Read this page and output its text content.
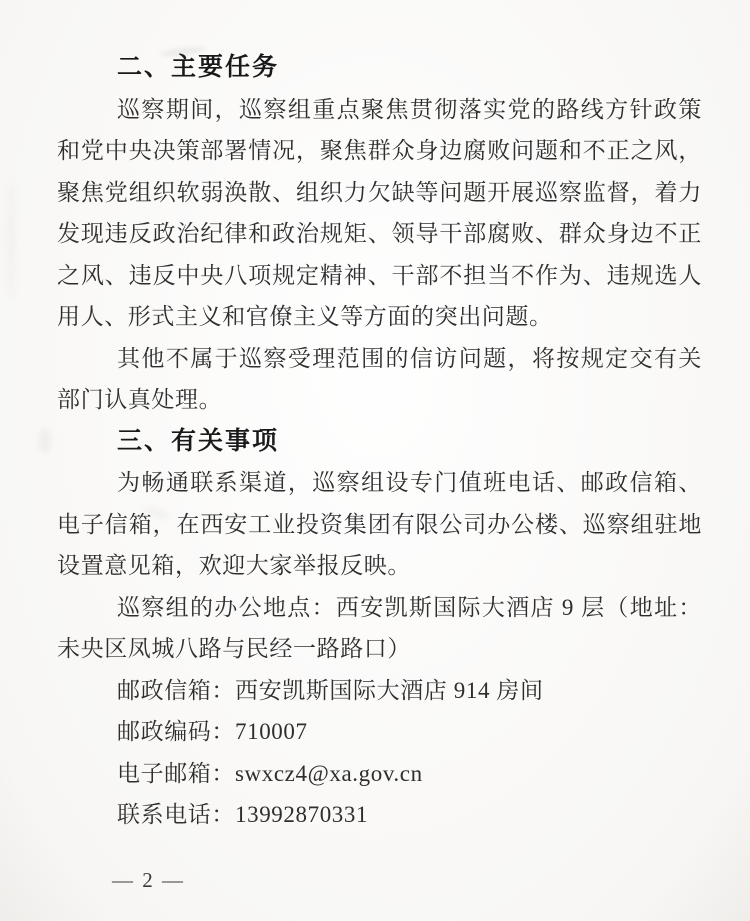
二、主要任务
巡察期间，巡察组重点聚焦贯彻落实党的路线方针政策和党中央决策部署情况，聚焦群众身边腐败问题和不正之风，聚焦党组织软弱涣散、组织力欠缺等问题开展巡察监督，着力发现违反政治纪律和政治规矩、领导干部腐败、群众身边不正之风、违反中央八项规定精神、干部不担当不作为、违规选人用人、形式主义和官僚主义等方面的突出问题。
其他不属于巡察受理范围的信访问题，将按规定交有关部门认真处理。
三、有关事项
为畅通联系渠道，巡察组设专门值班电话、邮政信箱、电子信箱，在西安工业投资集团有限公司办公楼、巡察组驻地设置意见箱，欢迎大家举报反映。
巡察组的办公地点：西安凯斯国际大酒店 9 层（地址：未央区凤城八路与民经一路路口）
邮政信箱：西安凯斯国际大酒店 914 房间
邮政编码：710007
电子邮箱：swxcz4@xa.gov.cn
联系电话：13992870331
— 2 —
